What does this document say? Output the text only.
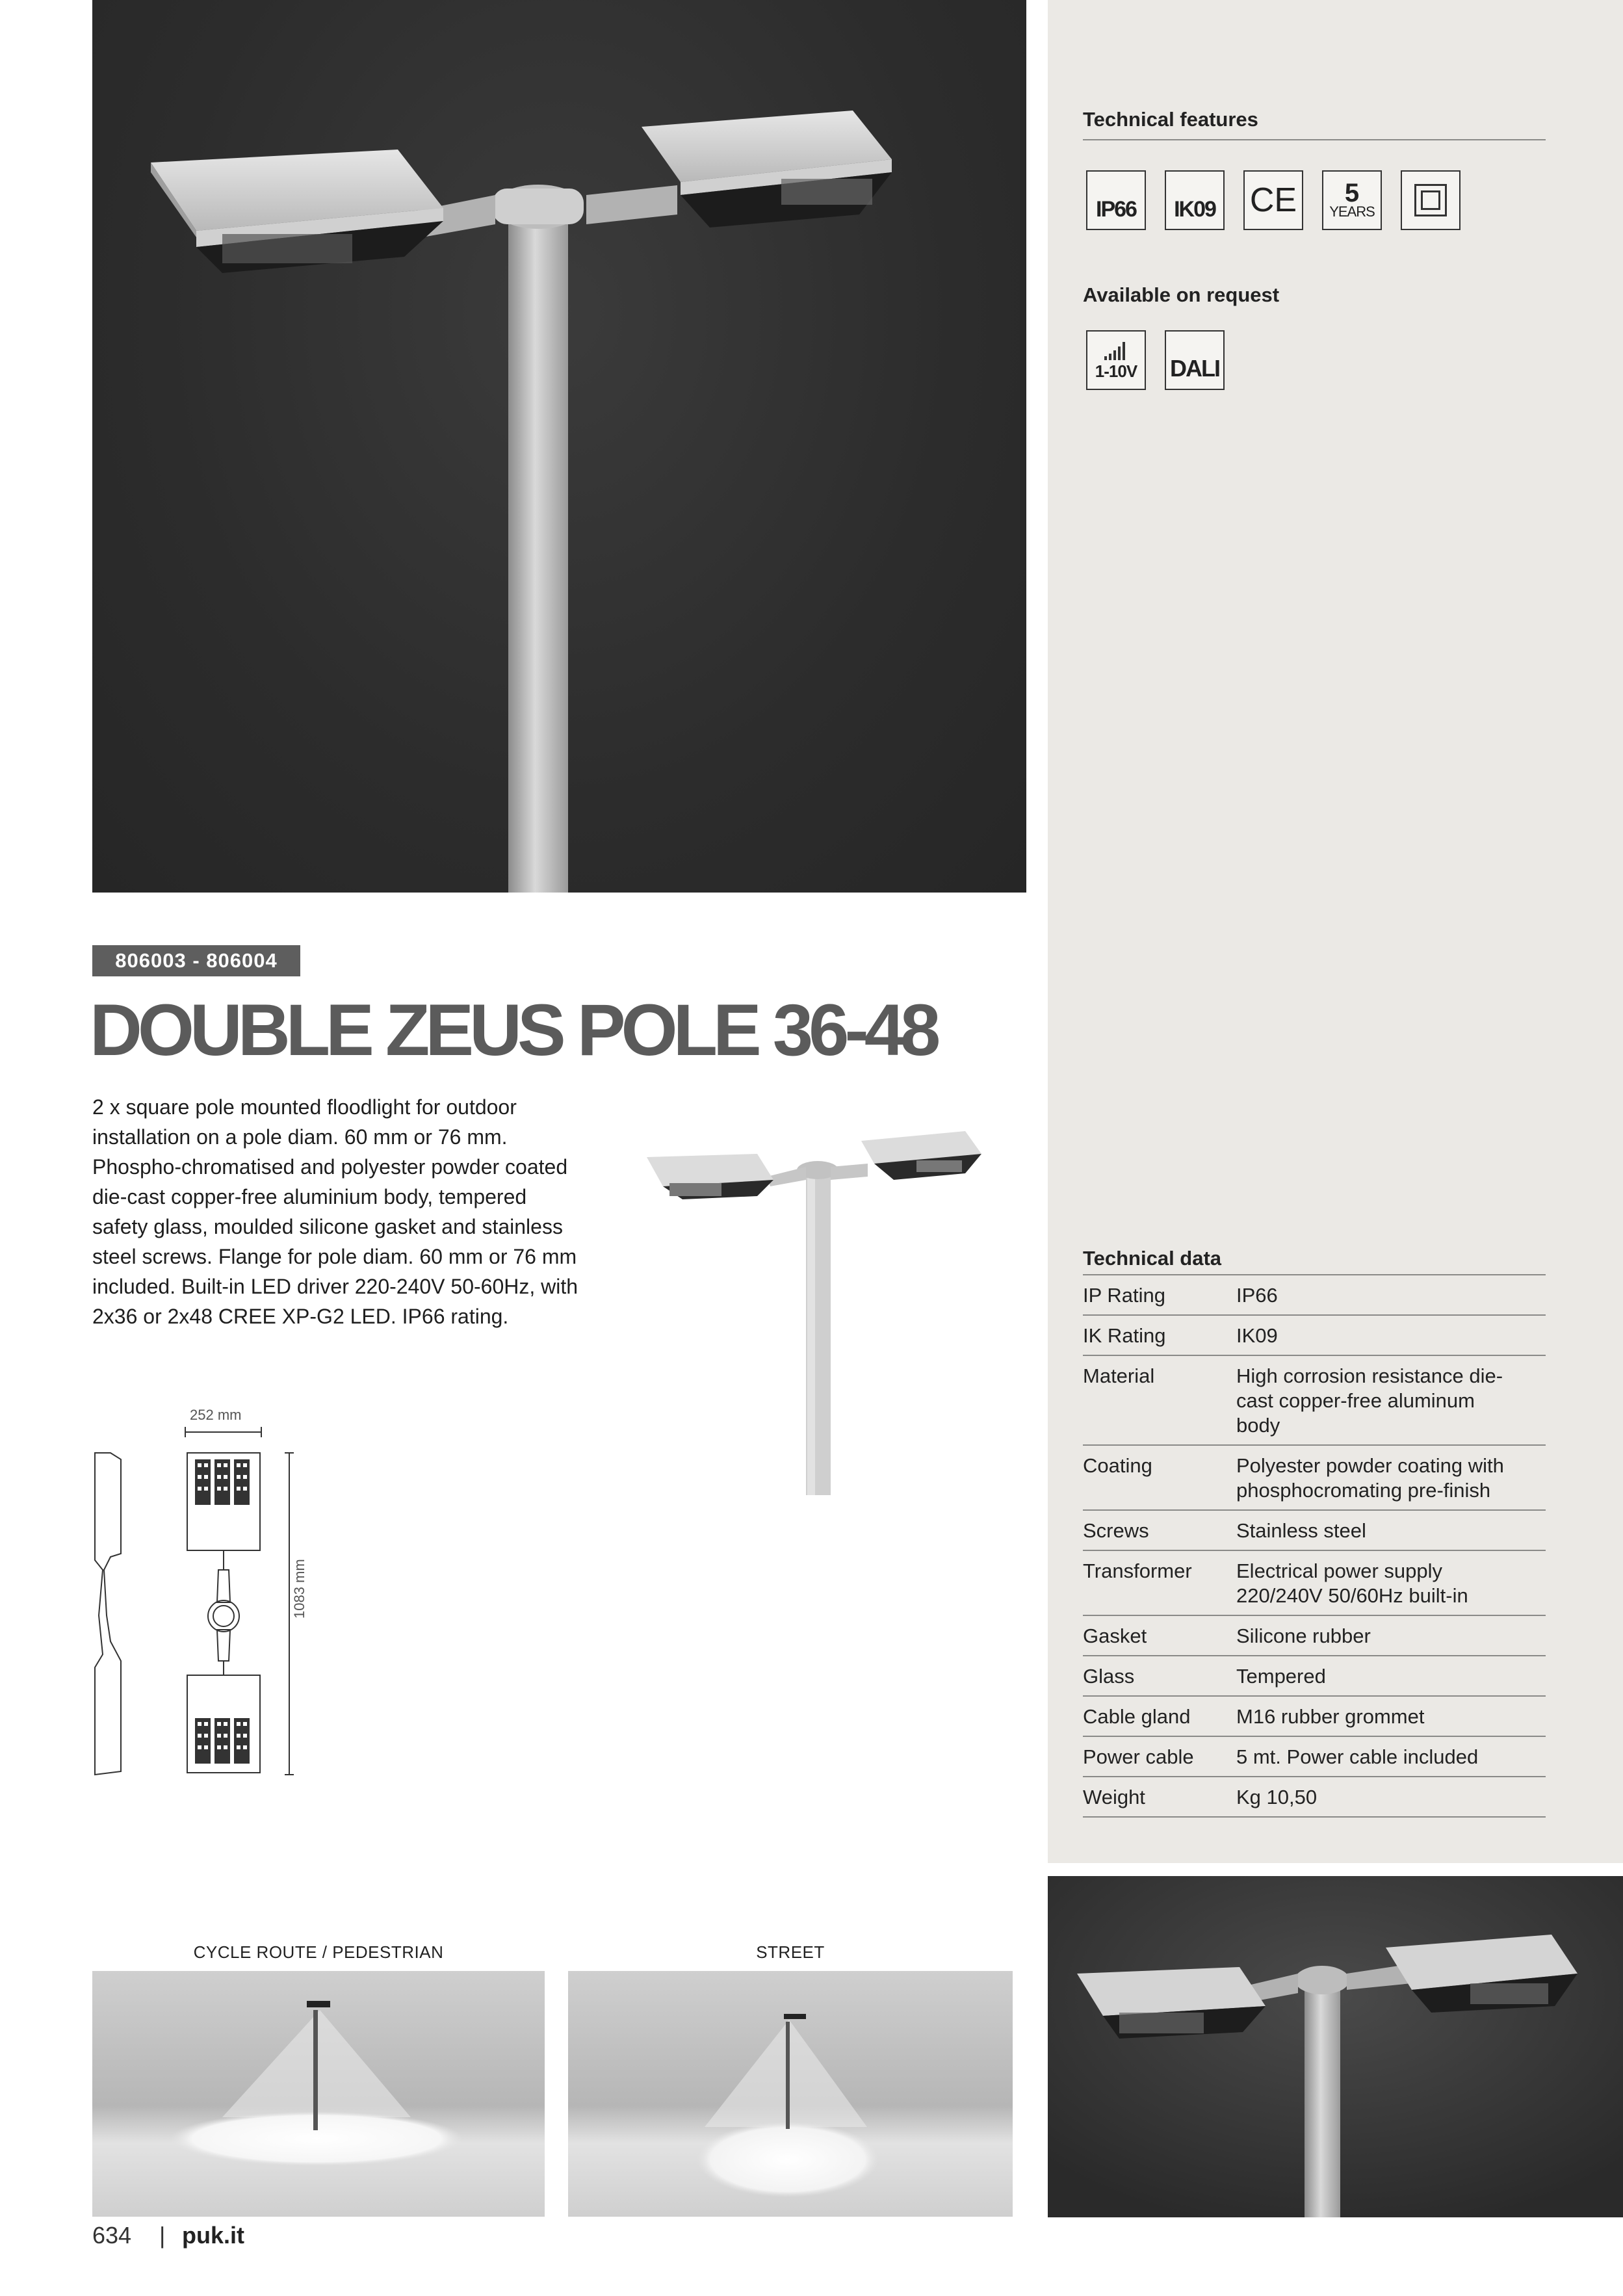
Technical features
IP66 IK09 CE 5
YEARS
Available on request
1-10V DALI
806003 - 806004
DOUBLE ZEUS POLE 36-48
2 x square pole mounted floodlight for outdoor installation on a pole diam. 60 mm or 76 mm. Phospho-chromatised and polyester powder coated die-cast copper-free aluminium body, tempered safety glass, moulded silicone gasket and stainless steel screws. Flange for pole diam. 60 mm or 76 mm included. Built-in LED driver 220-240V 50-60Hz, with 2x36 or 2x48 CREE XP-G2 LED. IP66 rating.
252 mm
1083 mm
Technical data
IP Rating	IP66
IK Rating	IK09
Material	High corrosion resistance die-cast copper-free aluminum body
Coating	Polyester powder coating with phosphocromating pre-finish
Screws	Stainless steel
Transformer	Electrical power supply 220/240V 50/60Hz built-in
Gasket	Silicone rubber
Glass	Tempered
Cable gland	M16 rubber grommet
Power cable	5 mt. Power cable included
Weight	Kg 10,50
CYCLE ROUTE / PEDESTRIAN	STREET
634 | puk.it
